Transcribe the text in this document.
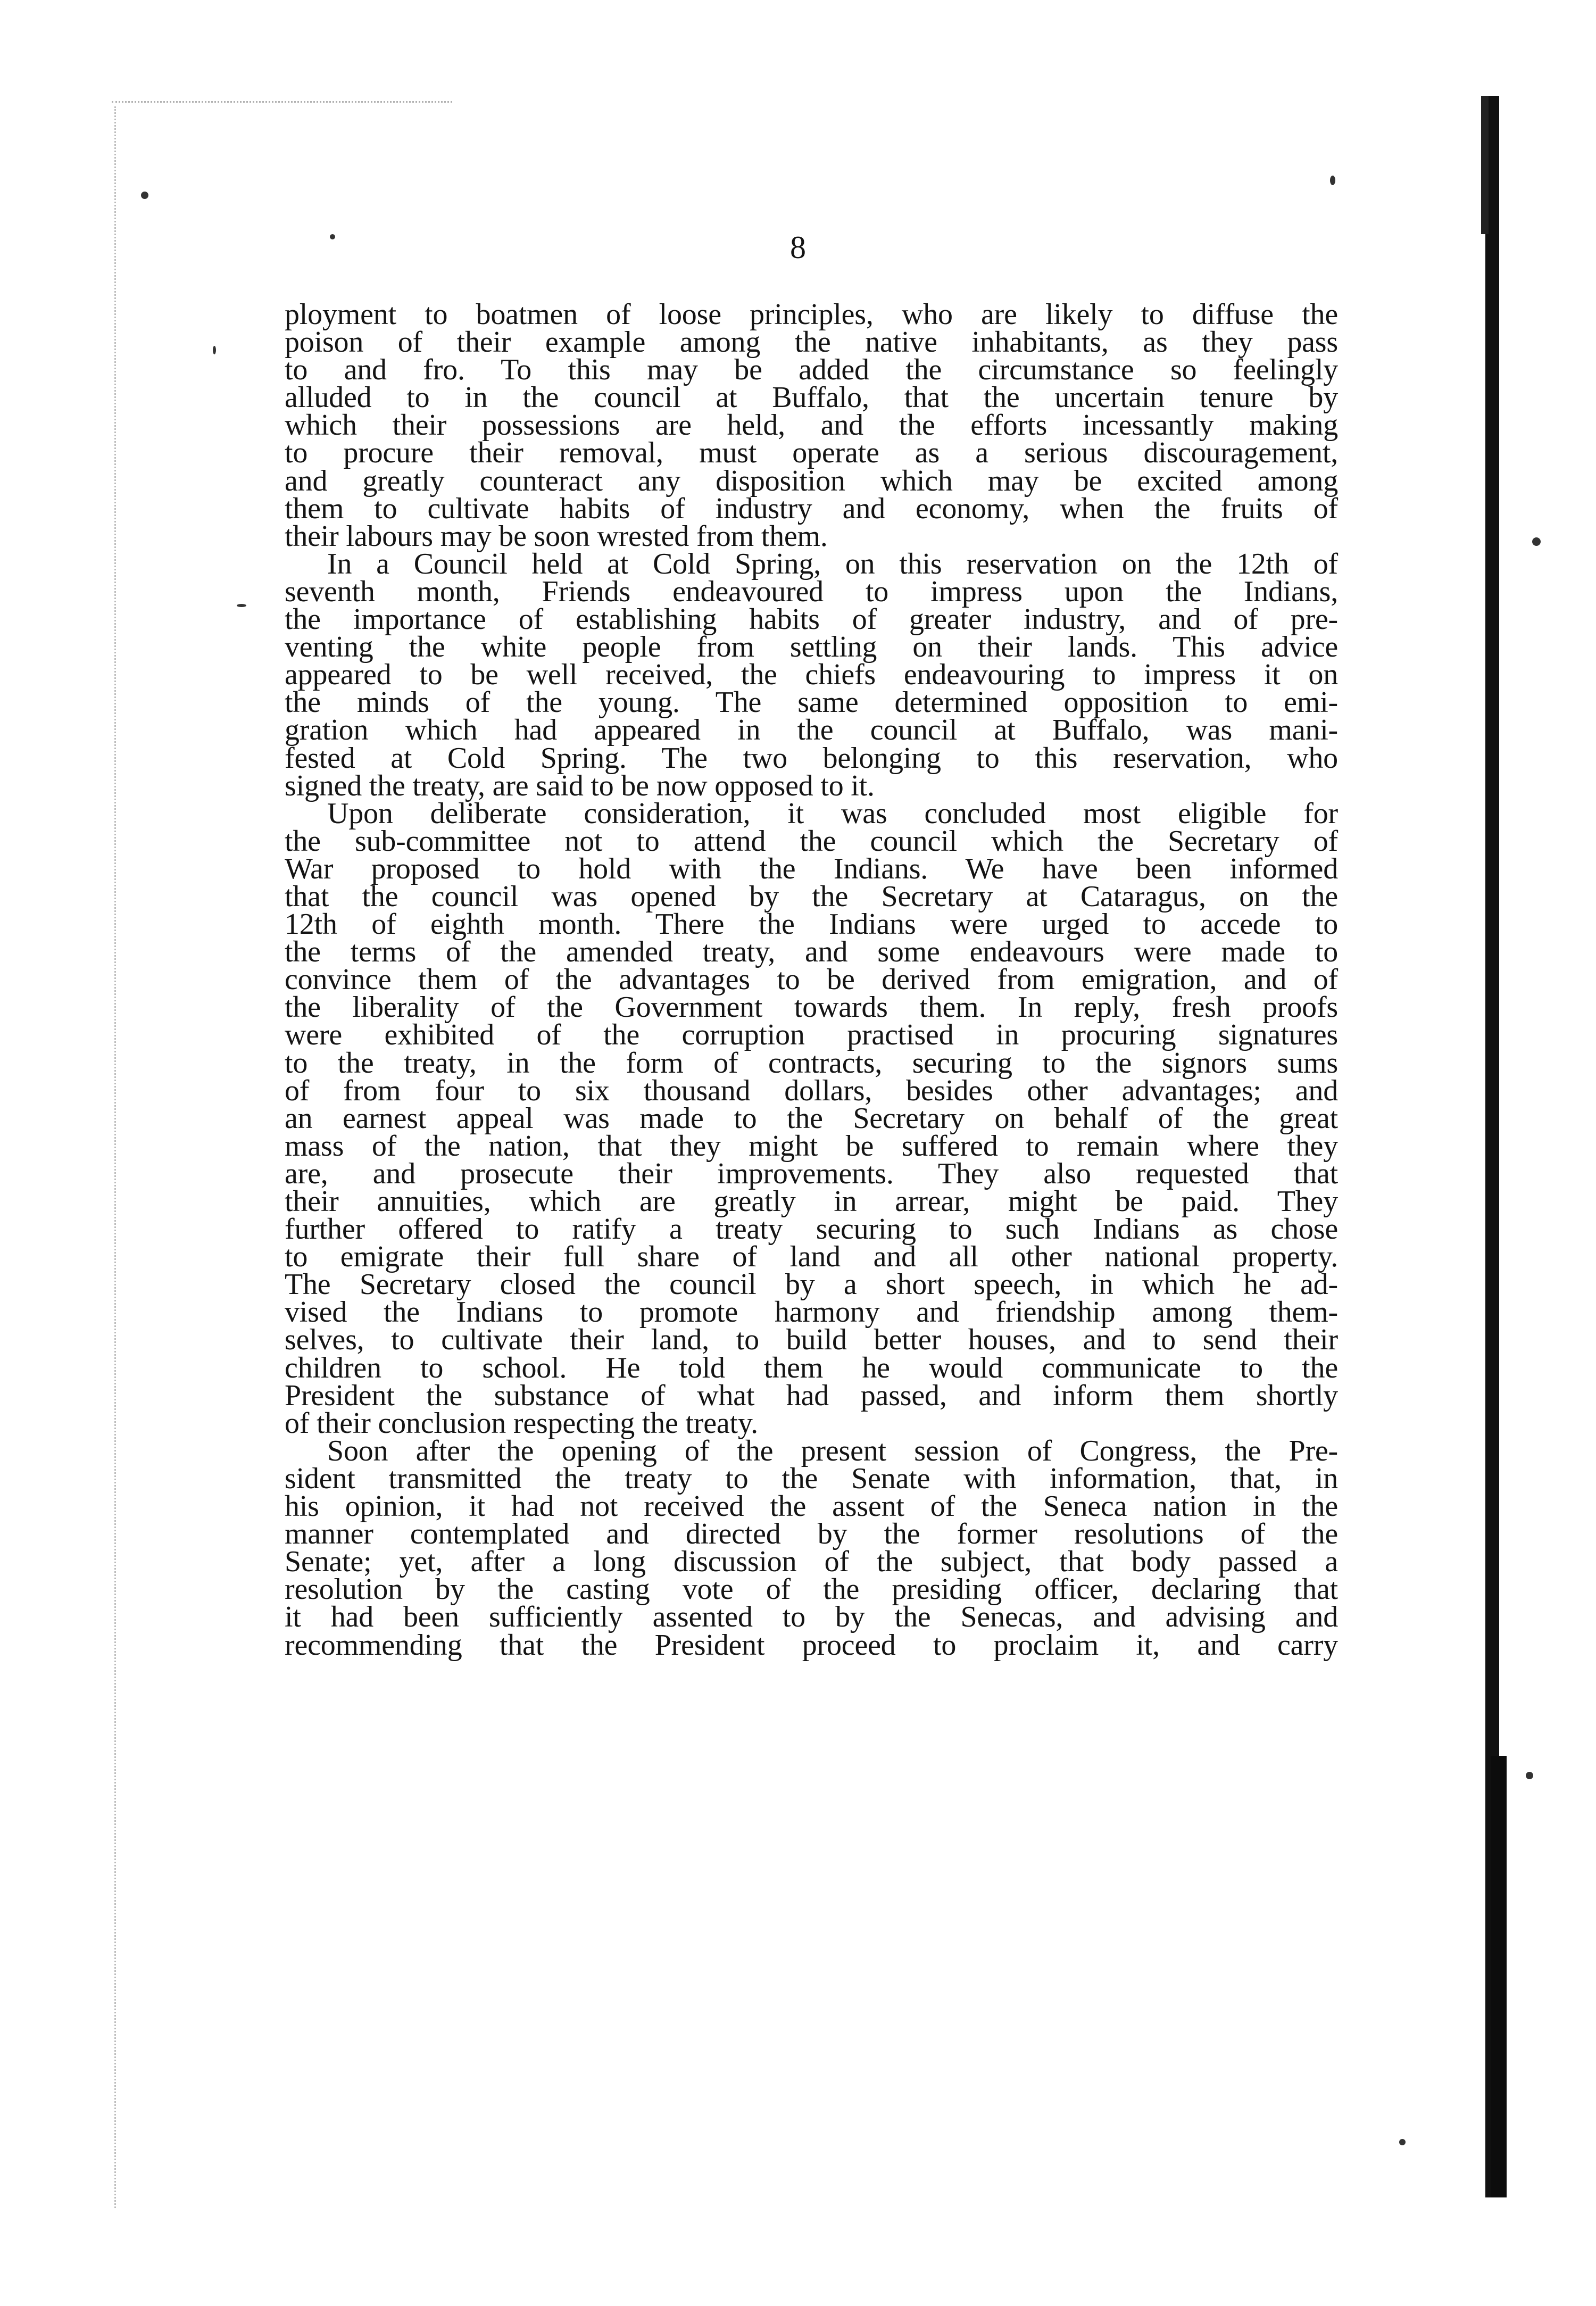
8
ployment to boatmen of loose principles, who are likely to diffuse the
poison of their example among the native inhabitants, as they pass
to and fro. To this may be added the circumstance so feelingly
alluded to in the council at Buffalo, that the uncertain tenure by
which their possessions are held, and the efforts incessantly making
to procure their removal, must operate as a serious discouragement,
and greatly counteract any disposition which may be excited among
them to cultivate habits of industry and economy, when the fruits of
their labours may be soon wrested from them.
In a Council held at Cold Spring, on this reservation on the 12th of
seventh month, Friends endeavoured to impress upon the Indians,
the importance of establishing habits of greater industry, and of pre-
venting the white people from settling on their lands. This advice
appeared to be well received, the chiefs endeavouring to impress it on
the minds of the young. The same determined opposition to emi-
gration which had appeared in the council at Buffalo, was mani-
fested at Cold Spring. The two belonging to this reservation, who
signed the treaty, are said to be now opposed to it.
Upon deliberate consideration, it was concluded most eligible for
the sub-committee not to attend the council which the Secretary of
War proposed to hold with the Indians. We have been informed
that the council was opened by the Secretary at Cataragus, on the
12th of eighth month. There the Indians were urged to accede to
the terms of the amended treaty, and some endeavours were made to
convince them of the advantages to be derived from emigration, and of
the liberality of the Government towards them. In reply, fresh proofs
were exhibited of the corruption practised in procuring signatures
to the treaty, in the form of contracts, securing to the signors sums
of from four to six thousand dollars, besides other advantages; and
an earnest appeal was made to the Secretary on behalf of the great
mass of the nation, that they might be suffered to remain where they
are, and prosecute their improvements. They also requested that
their annuities, which are greatly in arrear, might be paid. They
further offered to ratify a treaty securing to such Indians as chose
to emigrate their full share of land and all other national property.
The Secretary closed the council by a short speech, in which he ad-
vised the Indians to promote harmony and friendship among them-
selves, to cultivate their land, to build better houses, and to send their
children to school. He told them he would communicate to the
President the substance of what had passed, and inform them shortly
of their conclusion respecting the treaty.
Soon after the opening of the present session of Congress, the Pre-
sident transmitted the treaty to the Senate with information, that, in
his opinion, it had not received the assent of the Seneca nation in the
manner contemplated and directed by the former resolutions of the
Senate; yet, after a long discussion of the subject, that body passed a
resolution by the casting vote of the presiding officer, declaring that
it had been sufficiently assented to by the Senecas, and advising and
recommending that the President proceed to proclaim it, and carry
